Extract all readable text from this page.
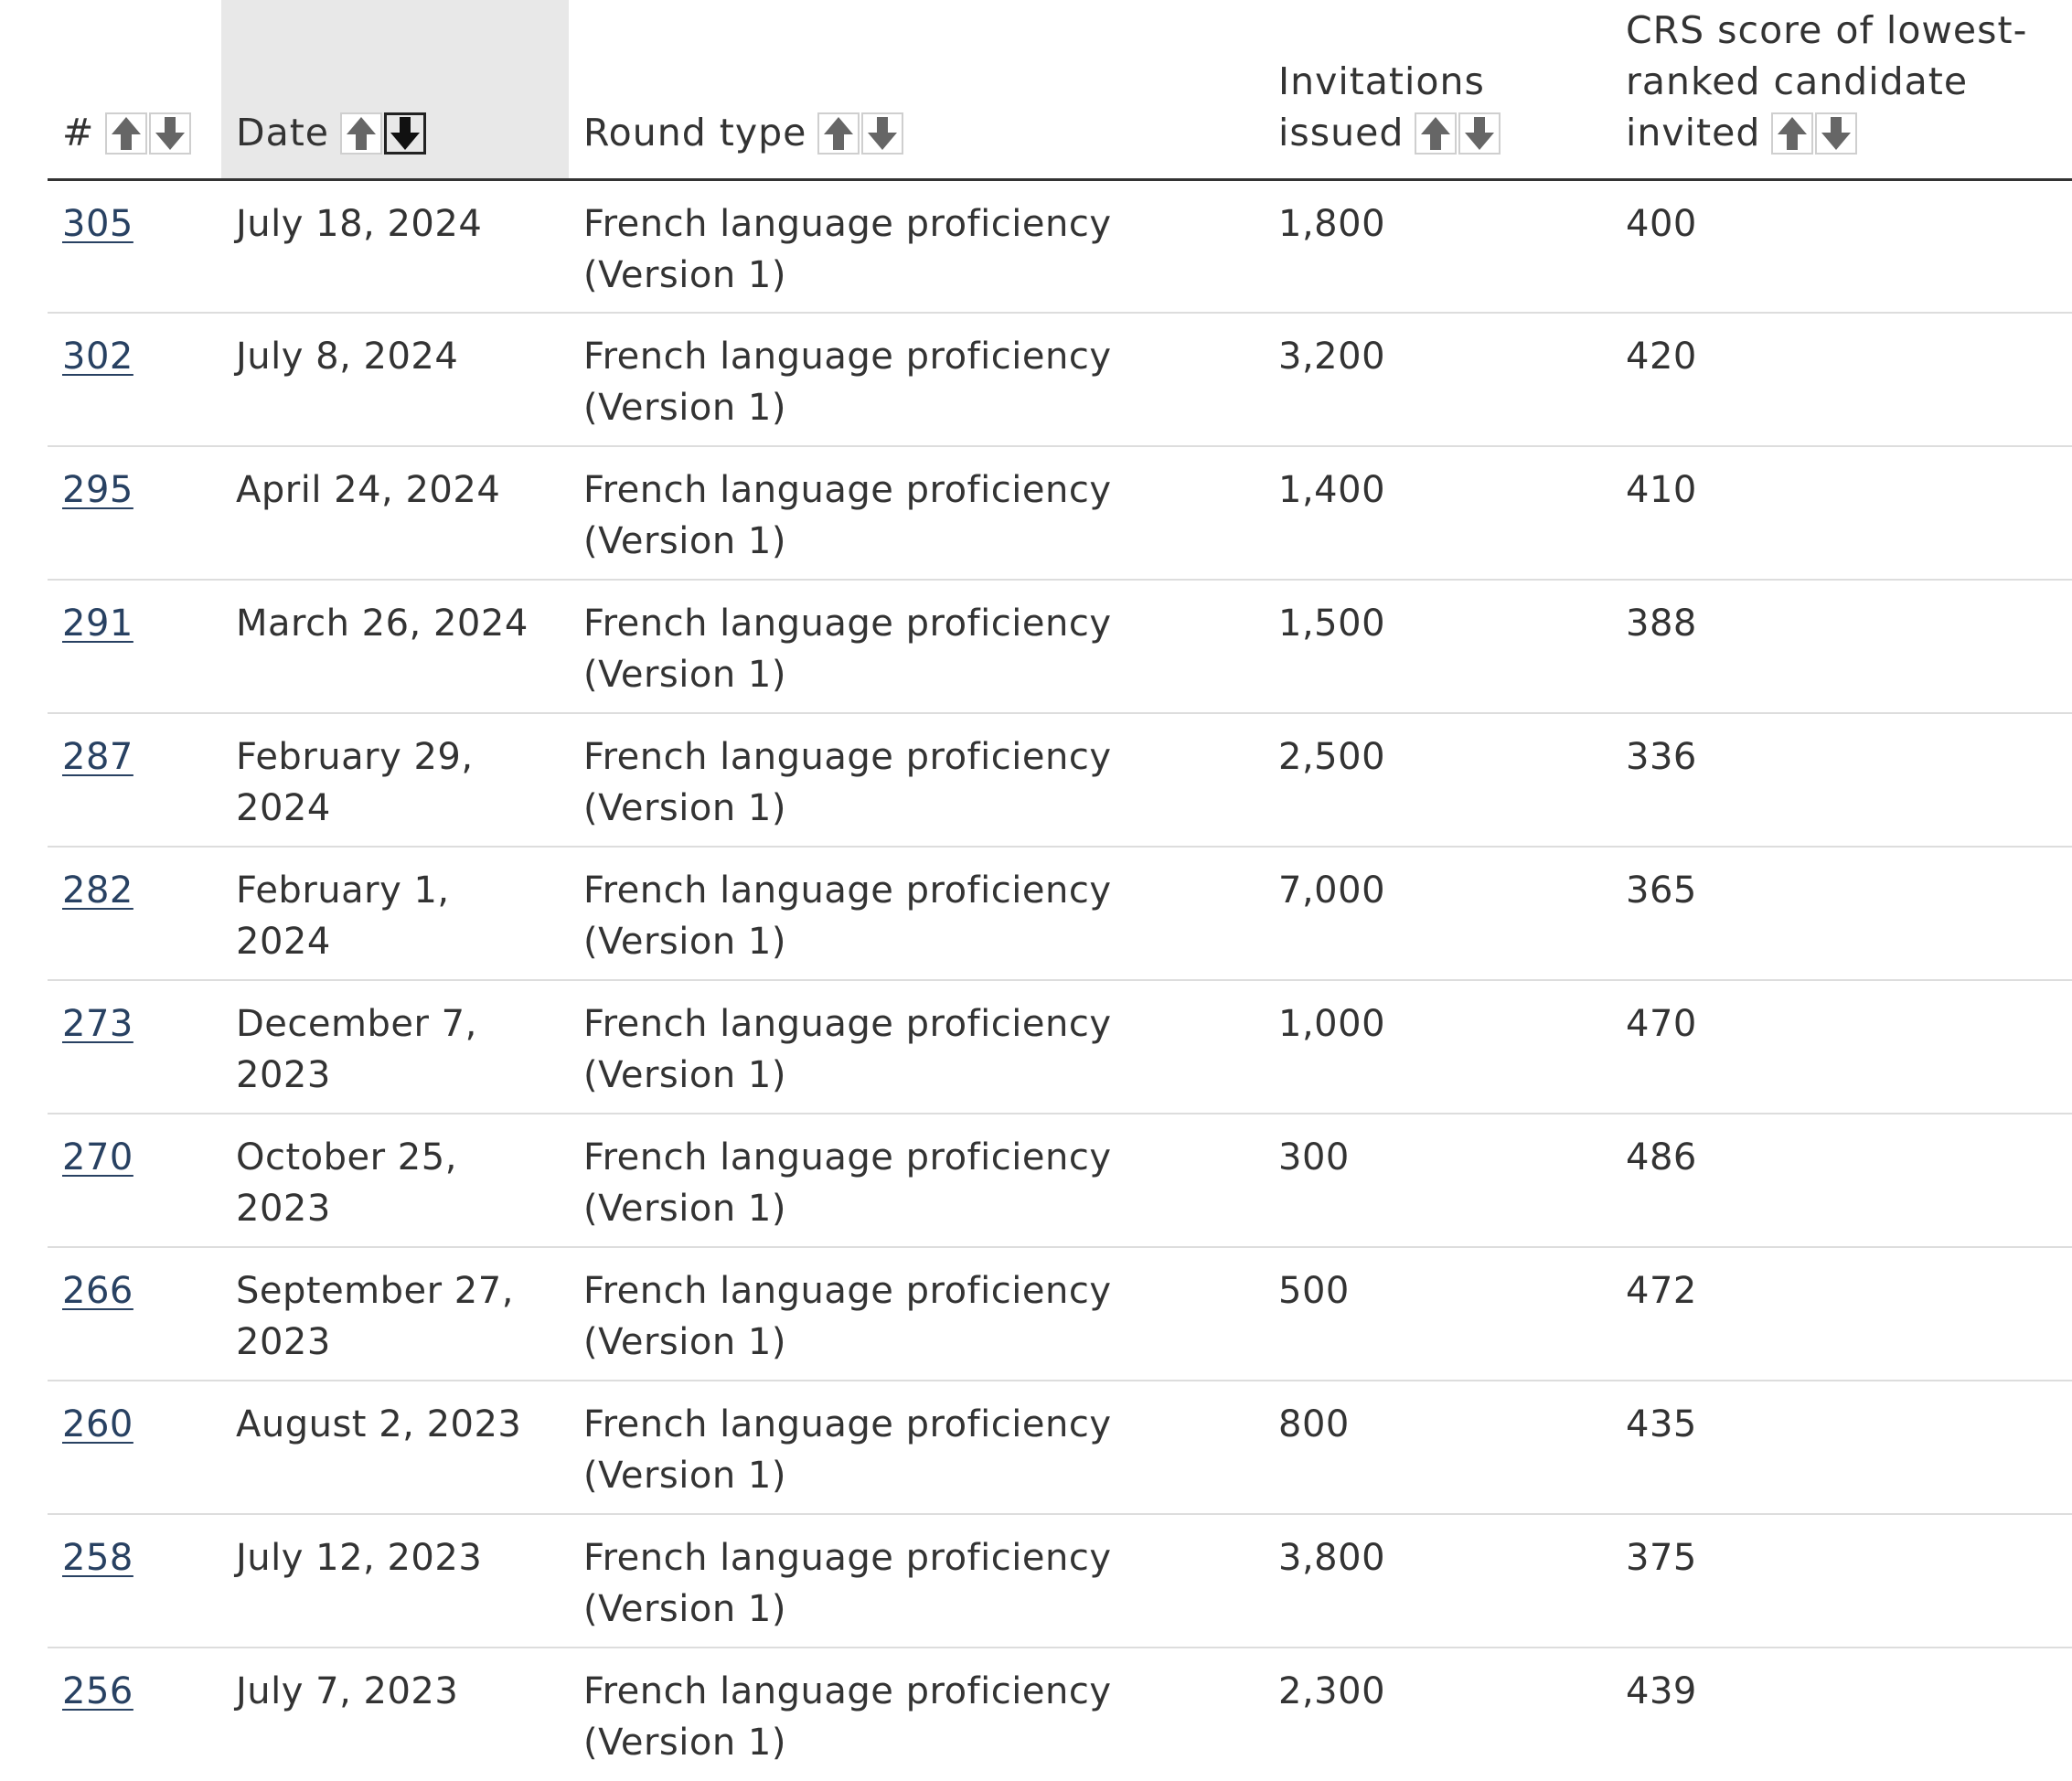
#	Date	Round type	Invitations issued	CRS score of lowest-ranked candidate invited

305	July 18, 2024	French language proficiency (Version 1)	1,800	400
302	July 8, 2024	French language proficiency (Version 1)	3,200	420
295	April 24, 2024	French language proficiency (Version 1)	1,400	410
291	March 26, 2024	French language proficiency (Version 1)	1,500	388
287	February 29, 2024	French language proficiency (Version 1)	2,500	336
282	February 1, 2024	French language proficiency (Version 1)	7,000	365
273	December 7, 2023	French language proficiency (Version 1)	1,000	470
270	October 25, 2023	French language proficiency (Version 1)	300	486
266	September 27, 2023	French language proficiency (Version 1)	500	472
260	August 2, 2023	French language proficiency (Version 1)	800	435
258	July 12, 2023	French language proficiency (Version 1)	3,800	375
256	July 7, 2023	French language proficiency (Version 1)	2,300	439
